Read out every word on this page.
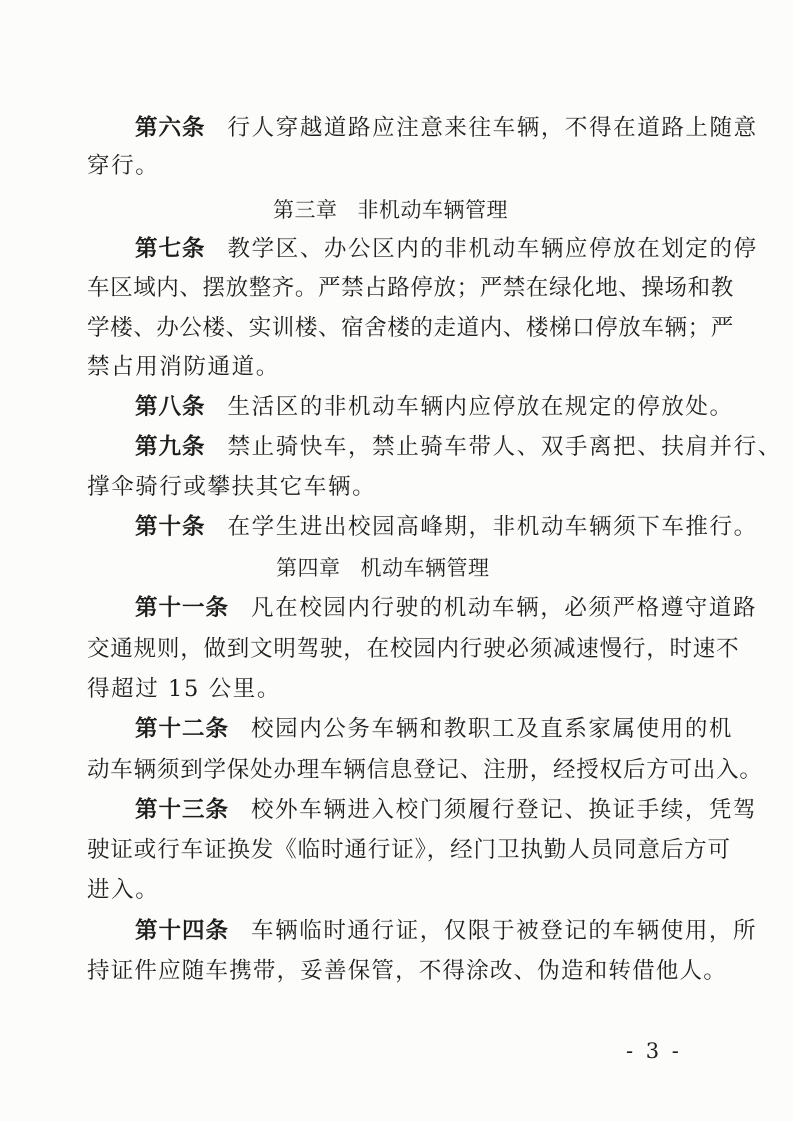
第六条 行人穿越道路应注意来往车辆，不得在道路上随意
穿行。
第三章 非机动车辆管理
第七条 教学区、办公区内的非机动车辆应停放在划定的停
车区域内、摆放整齐。严禁占路停放；严禁在绿化地、操场和教
学楼、办公楼、实训楼、宿舍楼的走道内、楼梯口停放车辆；严
禁占用消防通道。
第八条 生活区的非机动车辆内应停放在规定的停放处。
第九条 禁止骑快车，禁止骑车带人、双手离把、扶肩并行、
撑伞骑行或攀扶其它车辆。
第十条 在学生进出校园高峰期，非机动车辆须下车推行。
第四章 机动车辆管理
第十一条 凡在校园内行驶的机动车辆，必须严格遵守道路
交通规则，做到文明驾驶，在校园内行驶必须减速慢行，时速不
得超过 15 公里。
第十二条 校园内公务车辆和教职工及直系家属使用的机
动车辆须到学保处办理车辆信息登记、注册，经授权后方可出入。
第十三条 校外车辆进入校门须履行登记、换证手续，凭驾
驶证或行车证换发《临时通行证》，经门卫执勤人员同意后方可
进入。
第十四条 车辆临时通行证，仅限于被登记的车辆使用，所
持证件应随车携带，妥善保管，不得涂改、伪造和转借他人。
- 3 -
